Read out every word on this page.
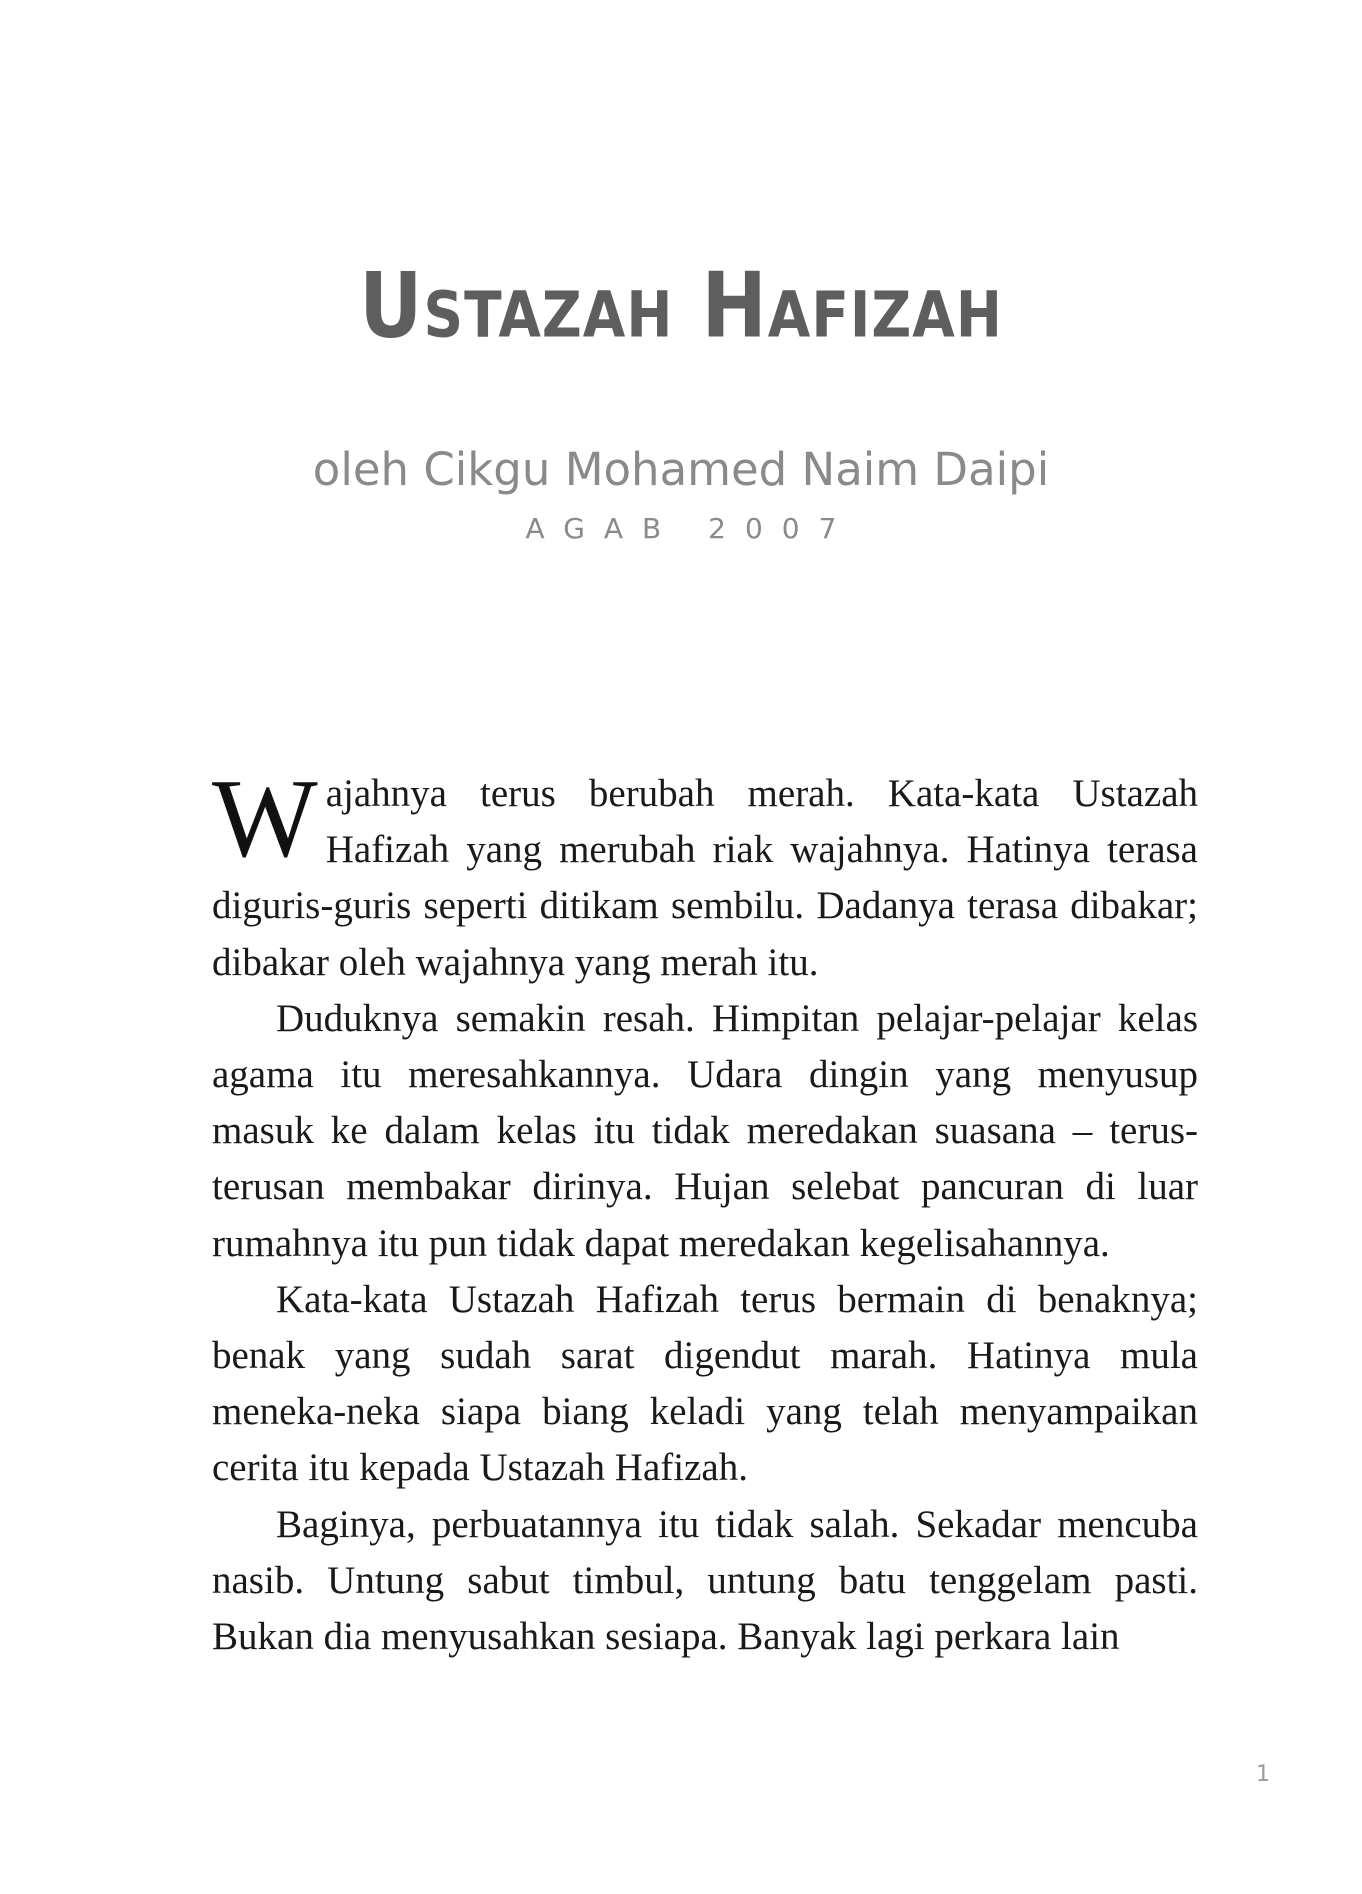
Ustazah Hafizah
oleh Cikgu Mohamed Naim Daipi
AGAB 2007

Wajahnya terus berubah merah. Kata-kata Ustazah Hafizah yang merubah riak wajahnya. Hatinya terasa diguris-guris seperti ditikam sembilu. Dadanya terasa dibakar; dibakar oleh wajahnya yang merah itu.

Duduknya semakin resah. Himpitan pelajar-pelajar kelas agama itu meresahkannya. Udara dingin yang menyusup masuk ke dalam kelas itu tidak meredakan suasana – terus-terusan membakar dirinya. Hujan selebat pancuran di luar rumahnya itu pun tidak dapat meredakan kegelisahannya.

Kata-kata Ustazah Hafizah terus bermain di benaknya; benak yang sudah sarat digendut marah. Hatinya mula meneka-neka siapa biang keladi yang telah menyampaikan cerita itu kepada Ustazah Hafizah.

Baginya, perbuatannya itu tidak salah. Sekadar mencuba nasib. Untung sabut timbul, untung batu tenggelam pasti. Bukan dia menyusahkan sesiapa. Banyak lagi perkara lain

1
